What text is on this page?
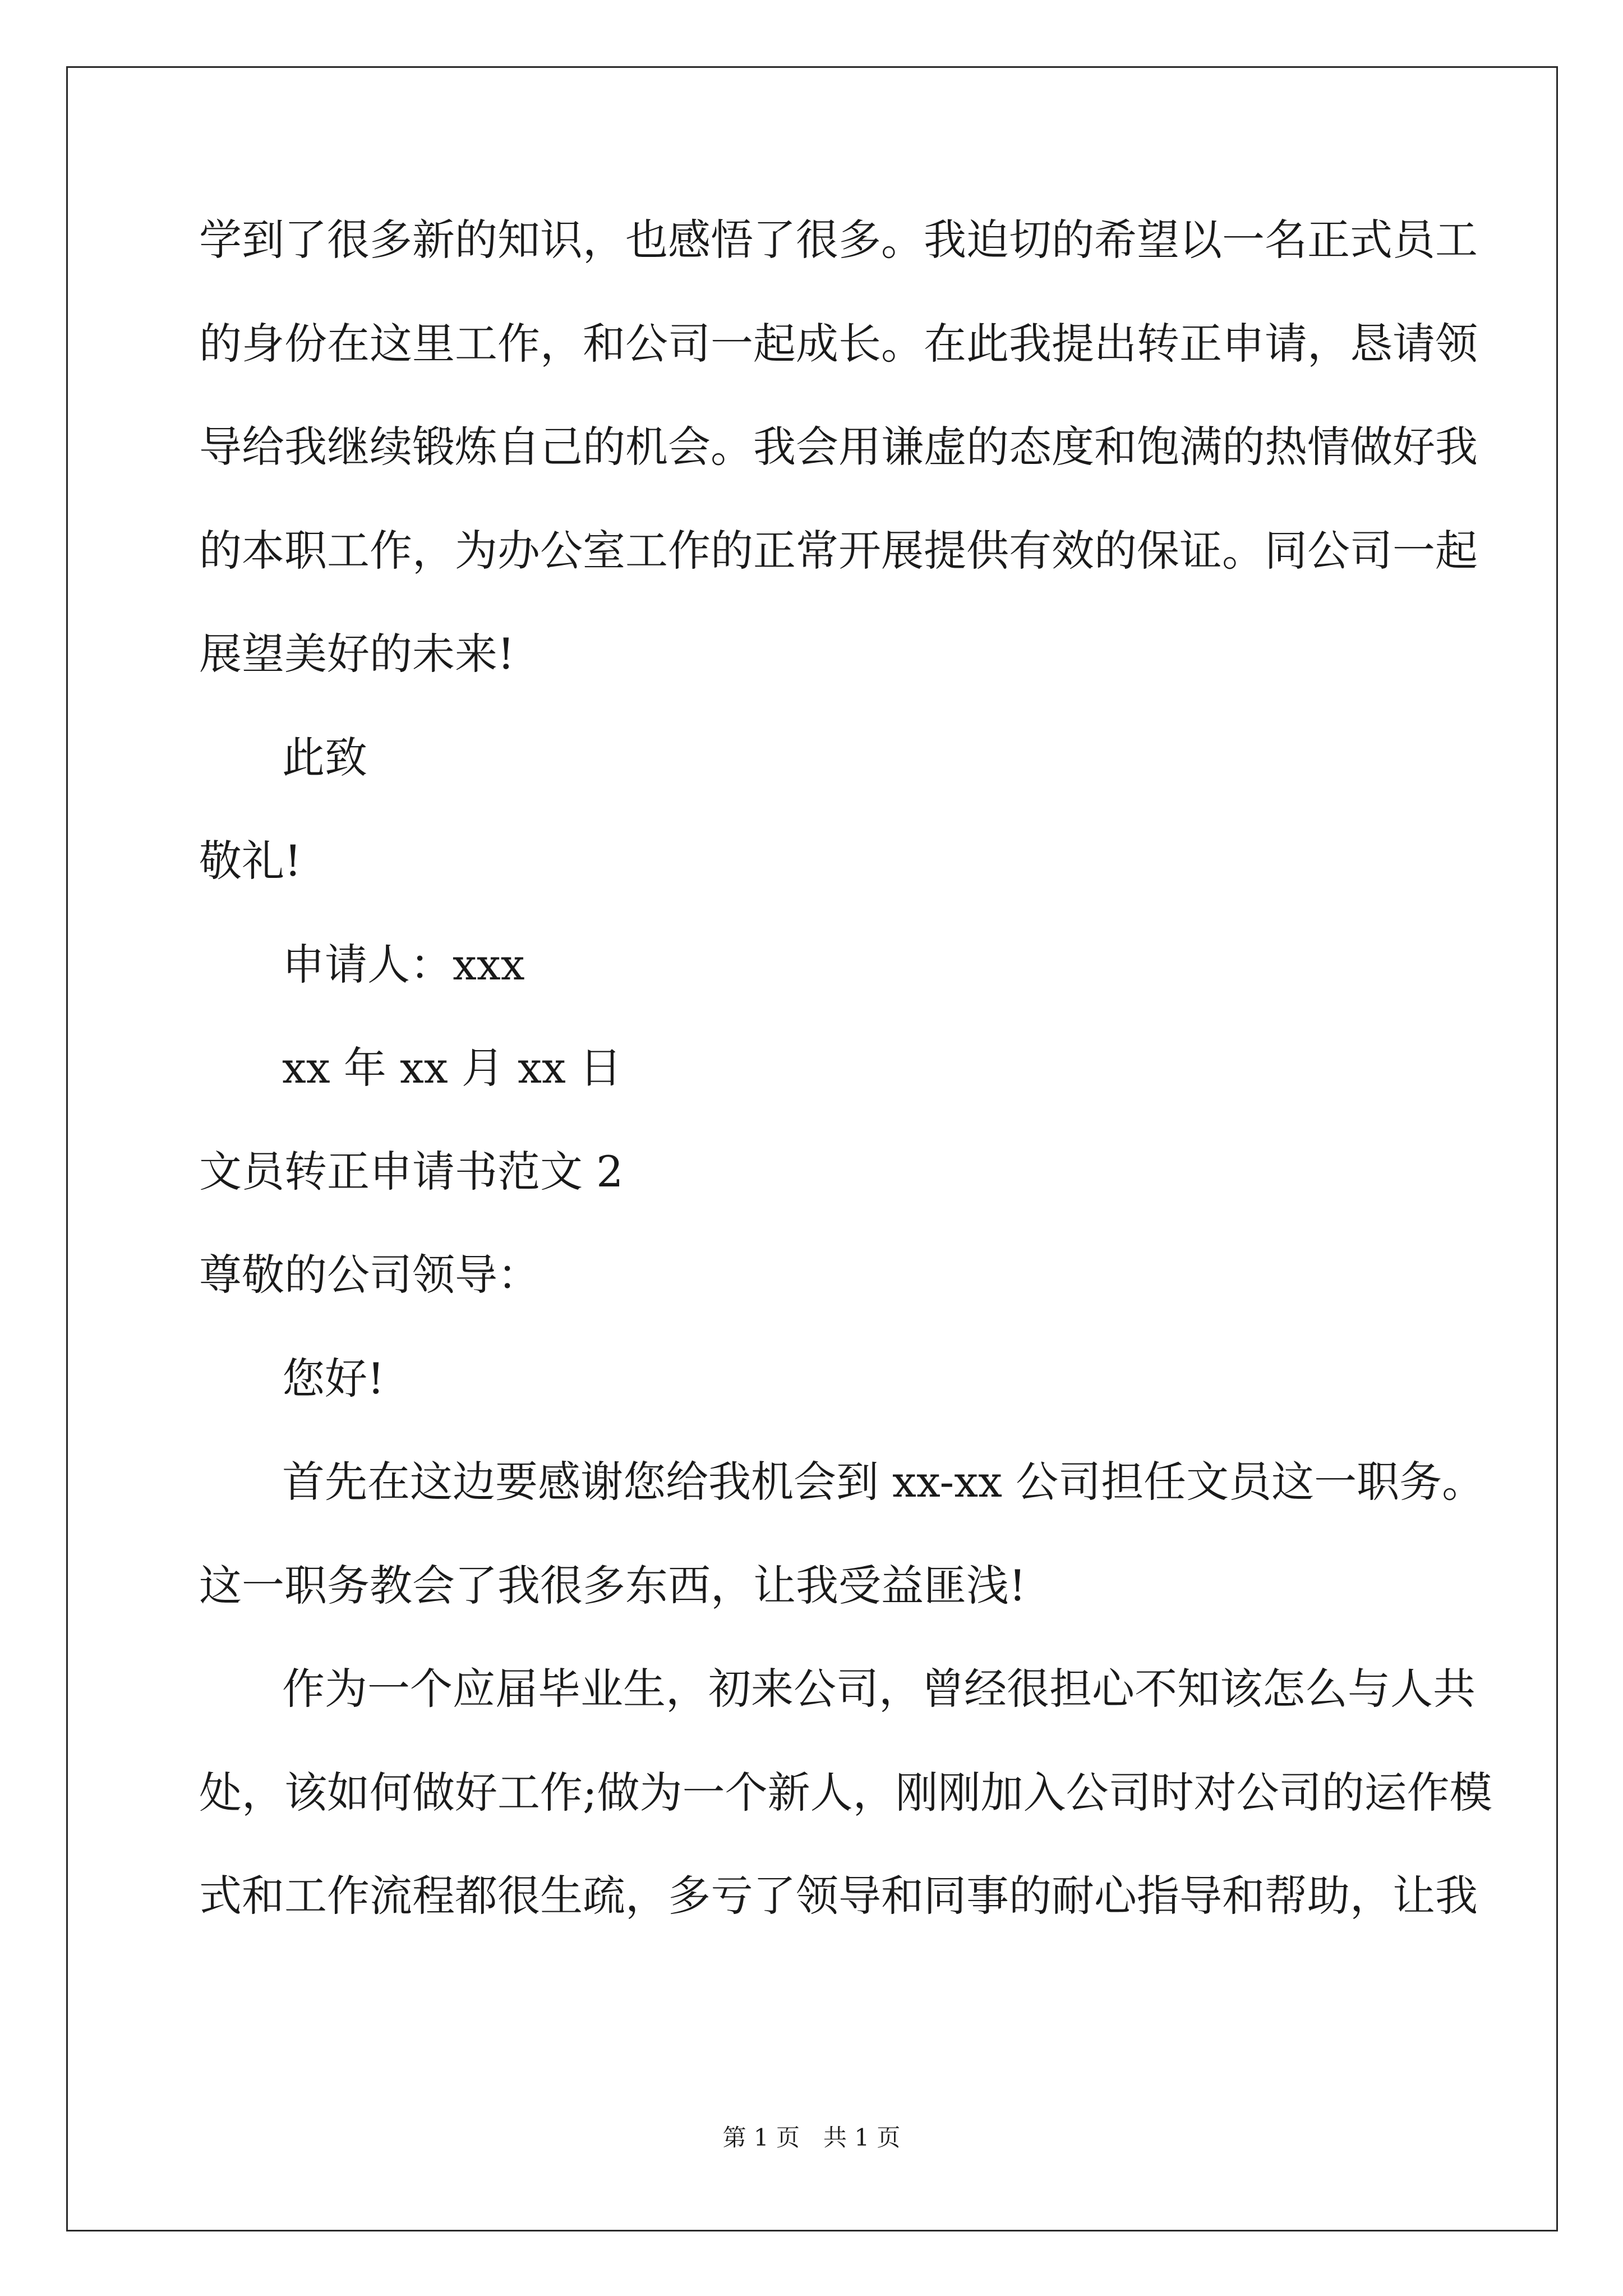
学到了很多新的知识，也感悟了很多。我迫切的希望以一名正式员工
的身份在这里工作，和公司一起成长。在此我提出转正申请，恳请领
导给我继续锻炼自己的机会。我会用谦虚的态度和饱满的热情做好我
的本职工作，为办公室工作的正常开展提供有效的保证。同公司一起
展望美好的未来!
此致
敬礼!
申请人：xxx
xx 年 xx 月 xx 日
文员转正申请书范文 2
尊敬的公司领导：
您好!
首先在这边要感谢您给我机会到 xx-xx 公司担任文员这一职务。
这一职务教会了我很多东西，让我受益匪浅!
作为一个应届毕业生，初来公司，曾经很担心不知该怎么与人共
处，该如何做好工作;做为一个新人，刚刚加入公司时对公司的运作模
式和工作流程都很生疏，多亏了领导和同事的耐心指导和帮助，让我
第 1 页　共 1 页
